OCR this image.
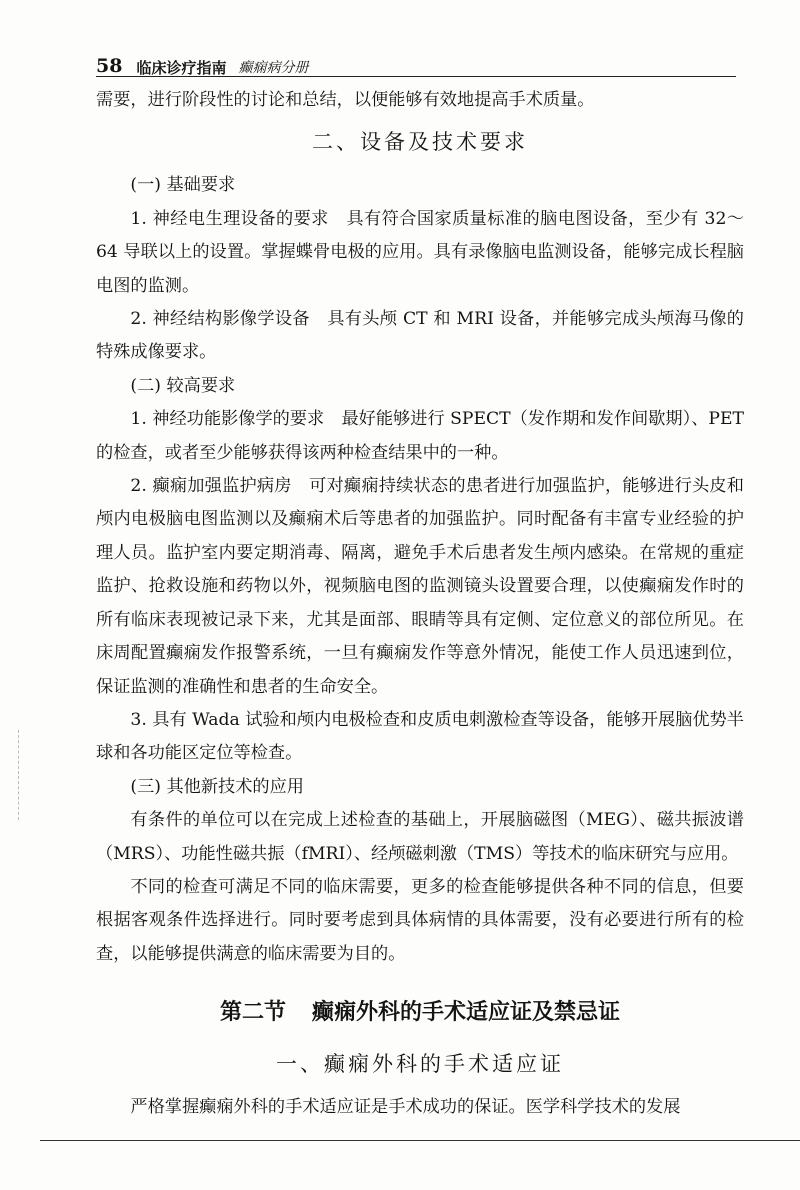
58 临床诊疗指南 癫痫病分册

需要，进行阶段性的讨论和总结，以便能够有效地提高手术质量。

二、设备及技术要求

(一) 基础要求

1. 神经电生理设备的要求　具有符合国家质量标准的脑电图设备，至少有 32～64 导联以上的设置。掌握蝶骨电极的应用。具有录像脑电监测设备，能够完成长程脑电图的监测。

2. 神经结构影像学设备　具有头颅 CT 和 MRI 设备，并能够完成头颅海马像的特殊成像要求。

(二) 较高要求

1. 神经功能影像学的要求　最好能够进行 SPECT（发作期和发作间歇期）、PET 的检查，或者至少能够获得该两种检查结果中的一种。

2. 癫痫加强监护病房　可对癫痫持续状态的患者进行加强监护，能够进行头皮和颅内电极脑电图监测以及癫痫术后等患者的加强监护。同时配备有丰富专业经验的护理人员。监护室内要定期消毒、隔离，避免手术后患者发生颅内感染。在常规的重症监护、抢救设施和药物以外，视频脑电图的监测镜头设置要合理，以使癫痫发作时的所有临床表现被记录下来，尤其是面部、眼睛等具有定侧、定位意义的部位所见。在床周配置癫痫发作报警系统，一旦有癫痫发作等意外情况，能使工作人员迅速到位，保证监测的准确性和患者的生命安全。

3. 具有 Wada 试验和颅内电极检查和皮质电刺激检查等设备，能够开展脑优势半球和各功能区定位等检查。

(三) 其他新技术的应用

有条件的单位可以在完成上述检查的基础上，开展脑磁图（MEG）、磁共振波谱（MRS）、功能性磁共振（fMRI）、经颅磁刺激（TMS）等技术的临床研究与应用。

不同的检查可满足不同的临床需要，更多的检查能够提供各种不同的信息，但要根据客观条件选择进行。同时要考虑到具体病情的具体需要，没有必要进行所有的检查，以能够提供满意的临床需要为目的。

第二节 癫痫外科的手术适应证及禁忌证
一、癫痫外科的手术适应证

严格掌握癫痫外科的手术适应证是手术成功的保证。医学科学技术的发展
